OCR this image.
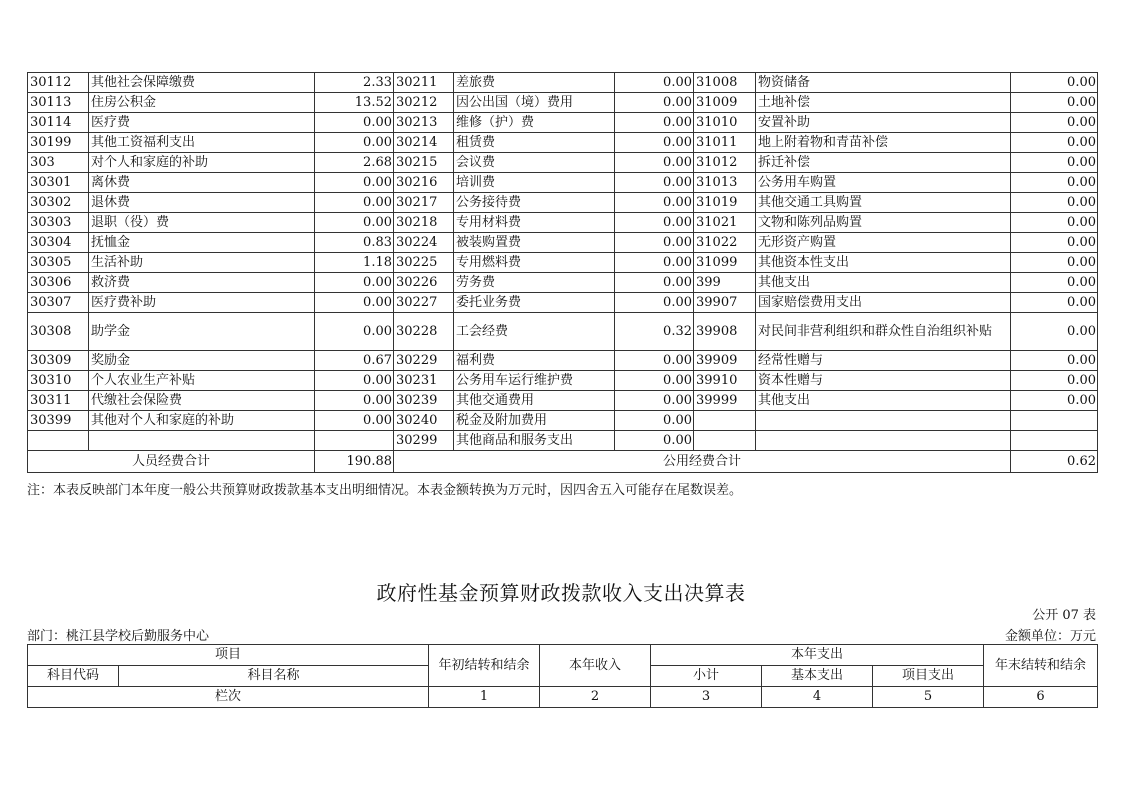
30112	其他社会保障缴费	2.33	30211	差旅费	0.00	31008	物资储备	0.00
30113	住房公积金	13.52	30212	因公出国（境）费用	0.00	31009	土地补偿	0.00
30114	医疗费	0.00	30213	维修（护）费	0.00	31010	安置补助	0.00
30199	其他工资福利支出	0.00	30214	租赁费	0.00	31011	地上附着物和青苗补偿	0.00
303	对个人和家庭的补助	2.68	30215	会议费	0.00	31012	拆迁补偿	0.00
30301	离休费	0.00	30216	培训费	0.00	31013	公务用车购置	0.00
30302	退休费	0.00	30217	公务接待费	0.00	31019	其他交通工具购置	0.00
30303	退职（役）费	0.00	30218	专用材料费	0.00	31021	文物和陈列品购置	0.00
30304	抚恤金	0.83	30224	被装购置费	0.00	31022	无形资产购置	0.00
30305	生活补助	1.18	30225	专用燃料费	0.00	31099	其他资本性支出	0.00
30306	救济费	0.00	30226	劳务费	0.00	399	其他支出	0.00
30307	医疗费补助	0.00	30227	委托业务费	0.00	39907	国家赔偿费用支出	0.00
30308	助学金	0.00	30228	工会经费	0.32	39908	对民间非营利组织和群众性自治组织补贴	0.00
30309	奖励金	0.67	30229	福利费	0.00	39909	经常性赠与	0.00
30310	个人农业生产补贴	0.00	30231	公务用车运行维护费	0.00	39910	资本性赠与	0.00
30311	代缴社会保险费	0.00	30239	其他交通费用	0.00	39999	其他支出	0.00
30399	其他对个人和家庭的补助	0.00	30240	税金及附加费用	0.00			
			30299	其他商品和服务支出	0.00			
人员经费合计		190.88	公用经费合计					0.62
注：本表反映部门本年度一般公共预算财政拨款基本支出明细情况。本表金额转换为万元时，因四舍五入可能存在尾数误差。
政府性基金预算财政拨款收入支出决算表
公开 07 表
部门：桃江县学校后勤服务中心	金额单位：万元
项目		年初结转和结余	本年收入	本年支出			年末结转和结余
科目代码	科目名称			小计	基本支出	项目支出	
栏次		1	2	3	4	5	6
